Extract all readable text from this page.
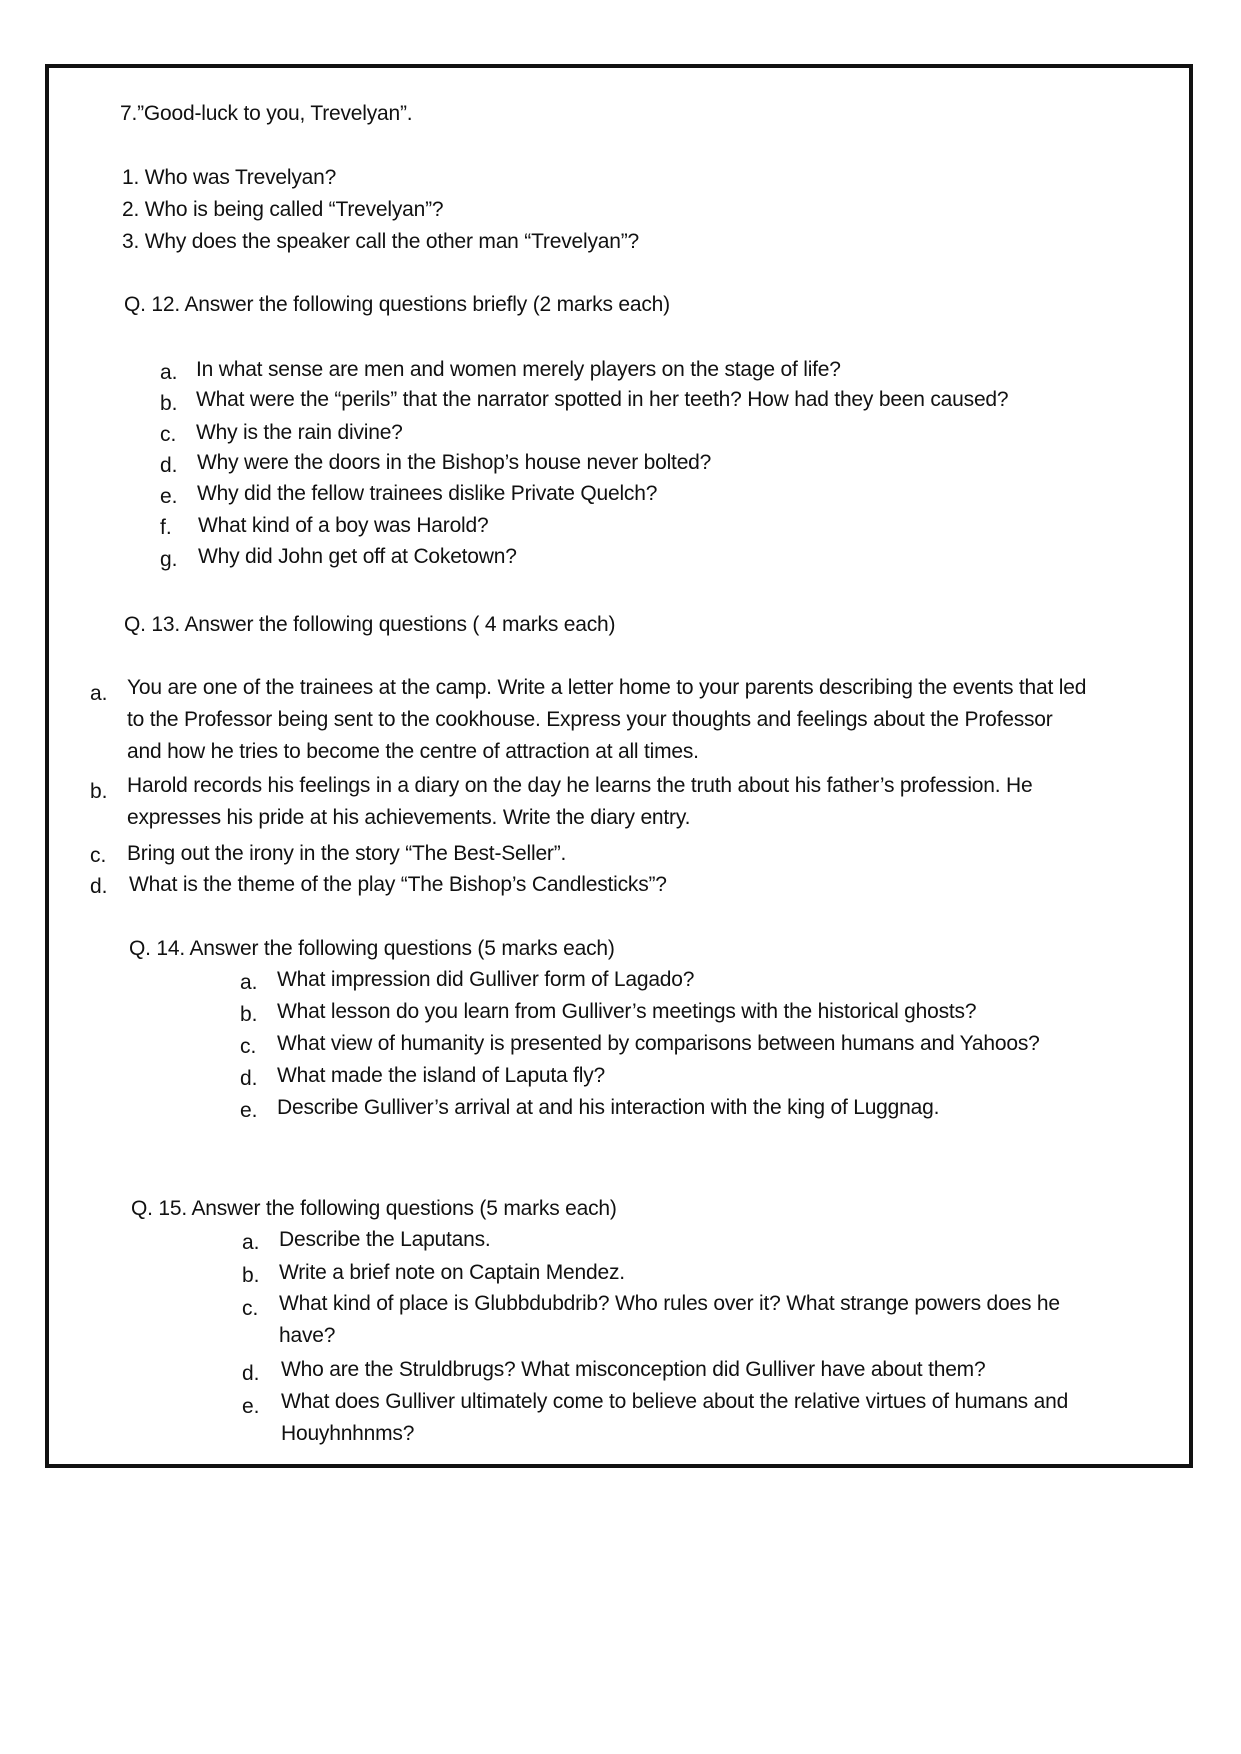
7.”Good-luck to you, Trevelyan”.
1. Who was Trevelyan?
2. Who is being called “Trevelyan”?
3. Why does the speaker call the other man “Trevelyan”?
Q. 12. Answer the following questions briefly (2 marks each)
a. In what sense are men and women merely players on the stage of life?
b. What were the “perils” that the narrator spotted in her teeth? How had they been caused?
c. Why is the rain divine?
d. Why were the doors in the Bishop’s house never bolted?
e. Why did the fellow trainees dislike Private Quelch?
f. What kind of a boy was Harold?
g. Why did John get off at Coketown?
Q. 13. Answer the following questions ( 4 marks each)
a. You are one of the trainees at the camp. Write a letter home to your parents describing the events that led to the Professor being sent to the cookhouse. Express your thoughts and feelings about the Professor and how he tries to become the centre of attraction at all times.
b. Harold records his feelings in a diary on the day he learns the truth about his father’s profession. He expresses his pride at his achievements. Write the diary entry.
c. Bring out the irony in the story “The Best-Seller”.
d. What is the theme of the play “The Bishop’s Candlesticks”?
Q. 14. Answer the following questions (5 marks each)
a. What impression did Gulliver form of Lagado?
b. What lesson do you learn from Gulliver’s meetings with the historical ghosts?
c. What view of humanity is presented by comparisons between humans and Yahoos?
d. What made the island of Laputa fly?
e. Describe Gulliver’s arrival at and his interaction with the king of Luggnag.
Q. 15. Answer the following questions (5 marks each)
a. Describe the Laputans.
b. Write a brief note on Captain Mendez.
c. What kind of place is Glubbdubdrib? Who rules over it? What strange powers does he have?
d. Who are the Struldbrugs? What misconception did Gulliver have about them?
e. What does Gulliver ultimately come to believe about the relative virtues of humans and Houyhnhnms?
